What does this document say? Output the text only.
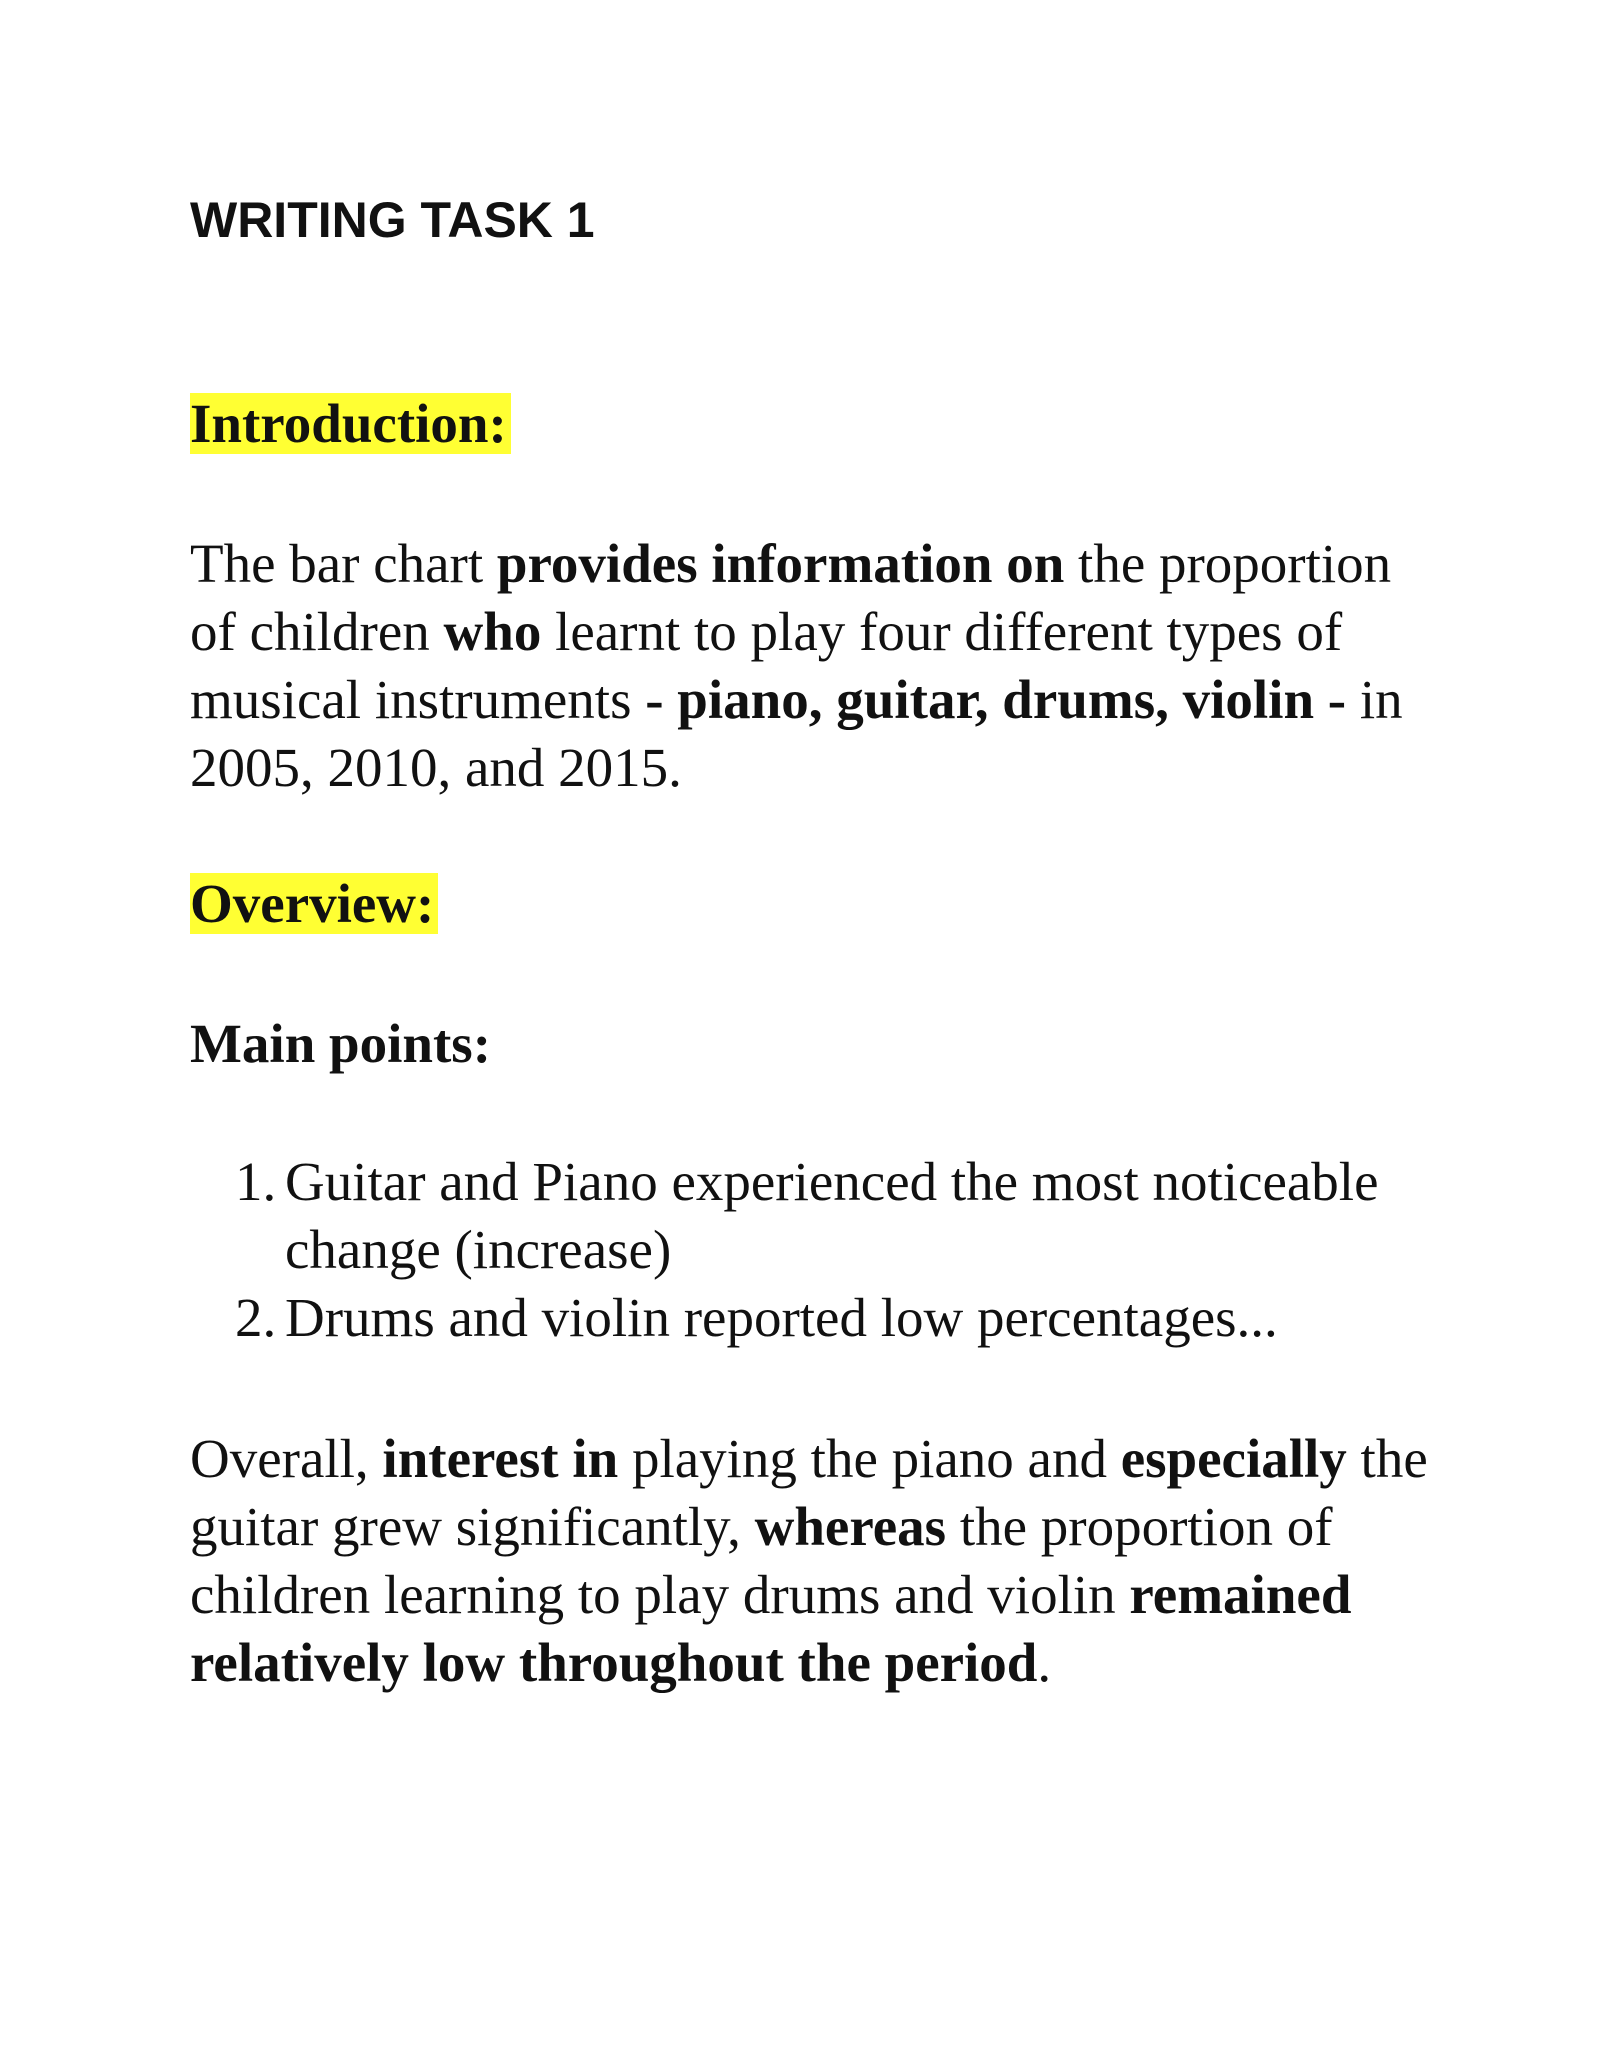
WRITING TASK 1
Introduction:

The bar chart provides information on the proportion of children who learnt to play four different types of musical instruments - piano, guitar, drums, violin - in 2005, 2010, and 2015.

Overview:
Main points:
1. Guitar and Piano experienced the most noticeable change (increase)
2. Drums and violin reported low percentages...

Overall, interest in playing the piano and especially the guitar grew significantly, whereas the proportion of children learning to play drums and violin remained relatively low throughout the period.
